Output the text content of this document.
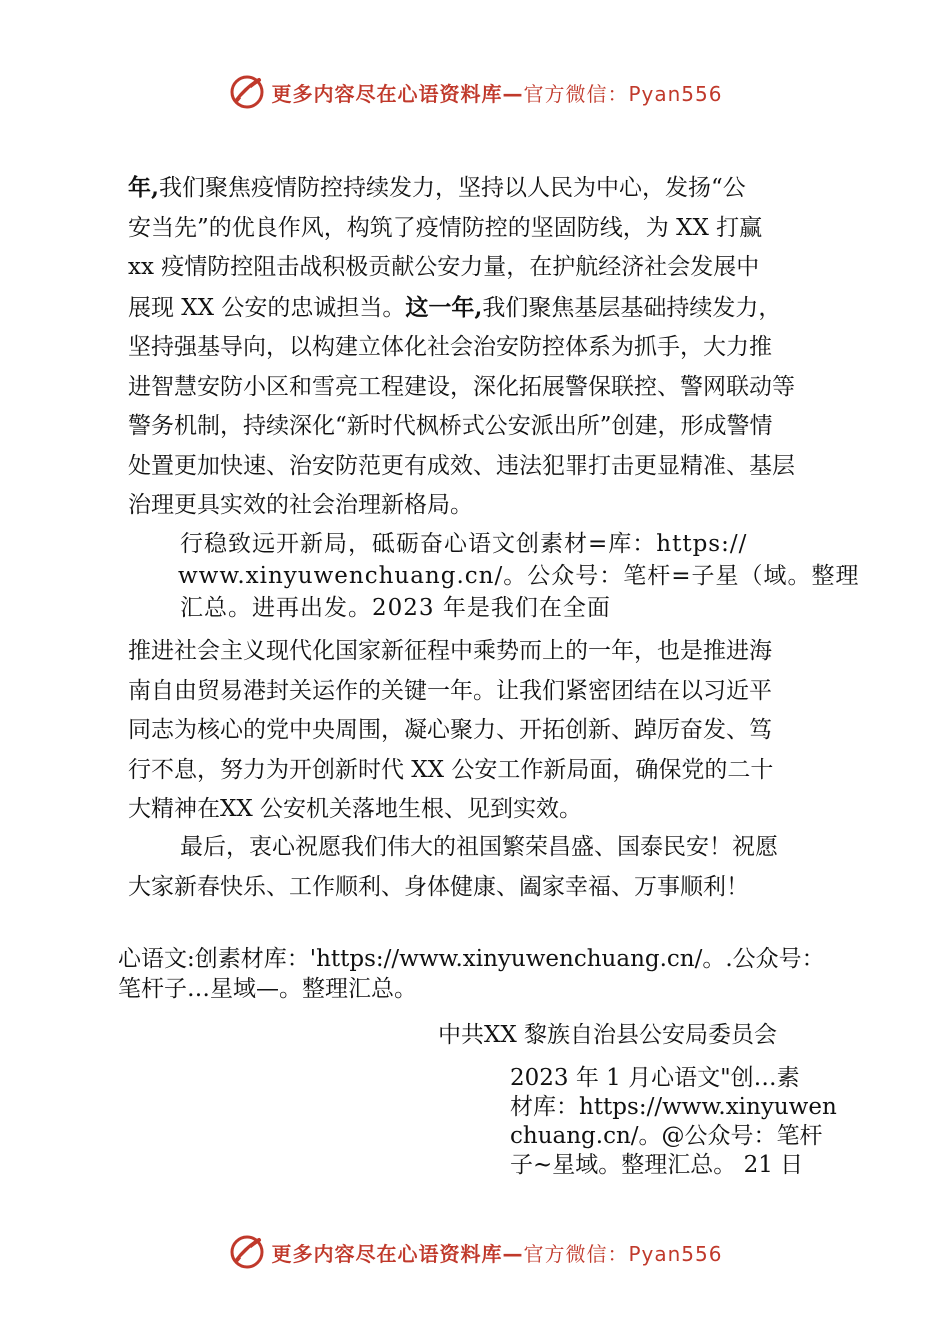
更多内容尽在心语资料库— 官方微信：Pyan556
年,我们聚焦疫情防控持续发力，坚持以人民为中心，发扬“公
安当先”的优良作风，构筑了疫情防控的坚固防线，为 XX 打赢
xx 疫情防控阻击战积极贡献公安力量，在护航经济社会发展中
展现 XX 公安的忠诚担当。这一年,我们聚焦基层基础持续发力，
坚持强基导向，以构建立体化社会治安防控体系为抓手，大力推
进智慧安防小区和雪亮工程建设，深化拓展警保联控、警网联动等
警务机制，持续深化“新时代枫桥式公安派出所”创建，形成警情
处置更加快速、治安防范更有成效、违法犯罪打击更显精准、基层
治理更具实效的社会治理新格局。
行稳致远开新局，砥砺奋心语文创素材=库：https://
www.xinyuwenchuang.cn/。公众号：笔杆=子星（域。整理
汇总。进再出发。2023 年是我们在全面
推进社会主义现代化国家新征程中乘势而上的一年，也是推进海
南自由贸易港封关运作的关键一年。让我们紧密团结在以习近平
同志为核心的党中央周围，凝心聚力、开拓创新、踔厉奋发、笃
行不息，努力为开创新时代 XX 公安工作新局面，确保党的二十
大精神在XX 公安机关落地生根、见到实效。
最后，衷心祝愿我们伟大的祖国繁荣昌盛、国泰民安！祝愿
大家新春快乐、工作顺利、身体健康、阖家幸福、万事顺利！
心语文:创素材库：'https://www.xinyuwenchuang.cn/。.公众号：
笔杆子…星域—。整理汇总。
中共XX 黎族自治县公安局委员会
2023 年 1 月心语文"创…素
材库：https://www.xinyuwen
chuang.cn/。@公众号：笔杆
子~星域。整理汇总。 21 日
更多内容尽在心语资料库— 官方微信：Pyan556
